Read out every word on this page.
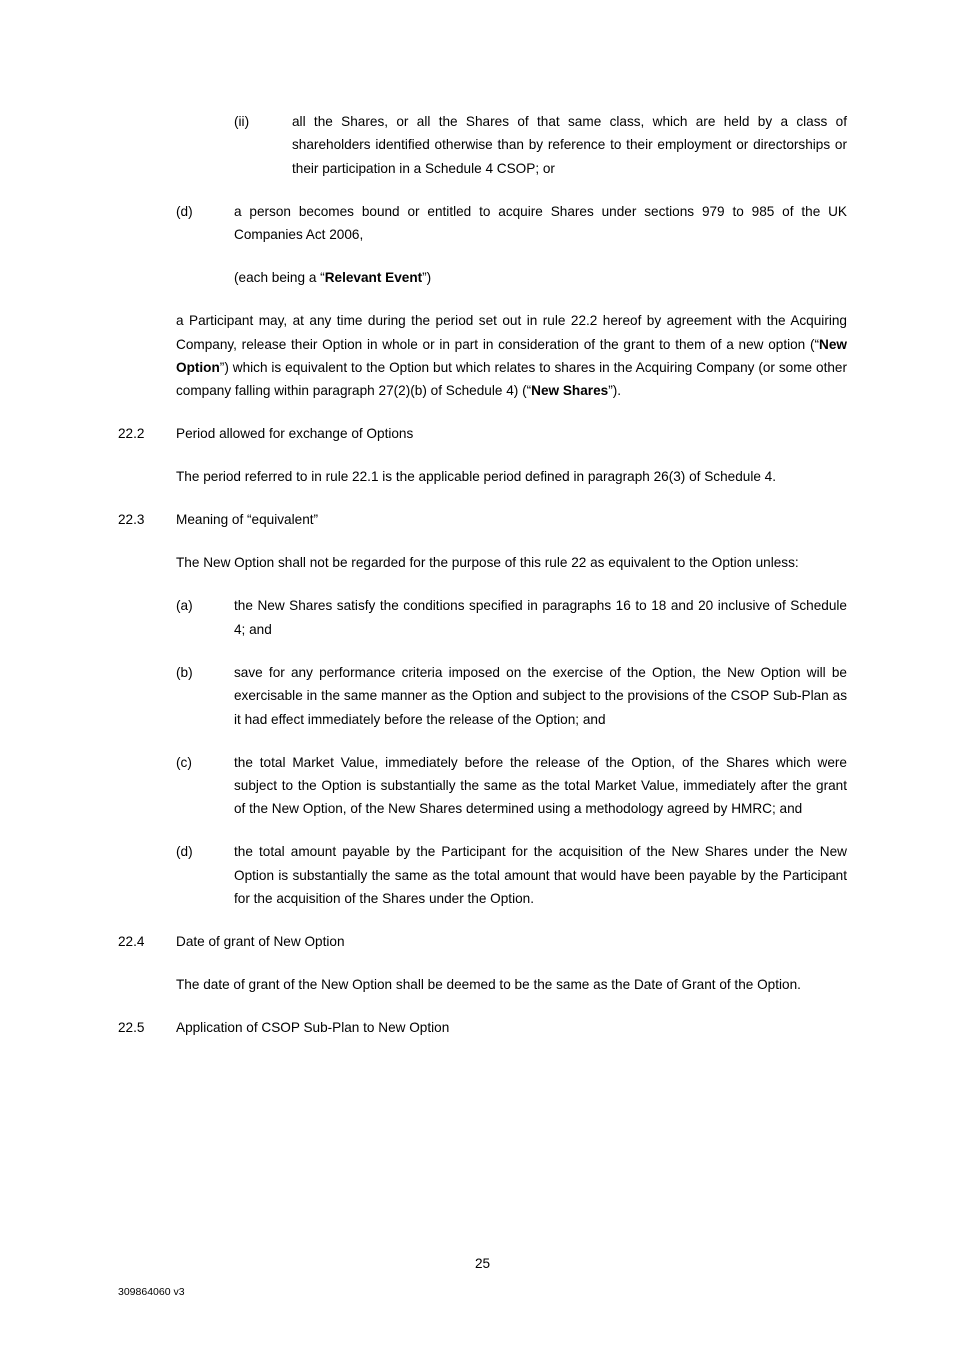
(ii)	all the Shares, or all the Shares of that same class, which are held by a class of shareholders identified otherwise than by reference to their employment or directorships or their participation in a Schedule 4 CSOP; or
(d)	a person becomes bound or entitled to acquire Shares under sections 979 to 985 of the UK Companies Act 2006,

(each being a “Relevant Event”)

a Participant may, at any time during the period set out in rule 22.2 hereof by agreement with the Acquiring Company, release their Option in whole or in part in consideration of the grant to them of a new option (“New Option”) which is equivalent to the Option but which relates to shares in the Acquiring Company (or some other company falling within paragraph 27(2)(b) of Schedule 4) (“New Shares”).

22.2	Period allowed for exchange of Options

The period referred to in rule 22.1 is the applicable period defined in paragraph 26(3) of Schedule 4.

22.3	Meaning of “equivalent”

The New Option shall not be regarded for the purpose of this rule 22 as equivalent to the Option unless:

(a)	the New Shares satisfy the conditions specified in paragraphs 16 to 18 and 20 inclusive of Schedule 4; and
(b)	save for any performance criteria imposed on the exercise of the Option, the New Option will be exercisable in the same manner as the Option and subject to the provisions of the CSOP Sub-Plan as it had effect immediately before the release of the Option; and
(c)	the total Market Value, immediately before the release of the Option, of the Shares which were subject to the Option is substantially the same as the total Market Value, immediately after the grant of the New Option, of the New Shares determined using a methodology agreed by HMRC; and
(d)	the total amount payable by the Participant for the acquisition of the New Shares under the New Option is substantially the same as the total amount that would have been payable by the Participant for the acquisition of the Shares under the Option.
22.4	Date of grant of New Option

The date of grant of the New Option shall be deemed to be the same as the Date of Grant of the Option.

22.5	Application of CSOP Sub-Plan to New Option
25
309864060 v3
